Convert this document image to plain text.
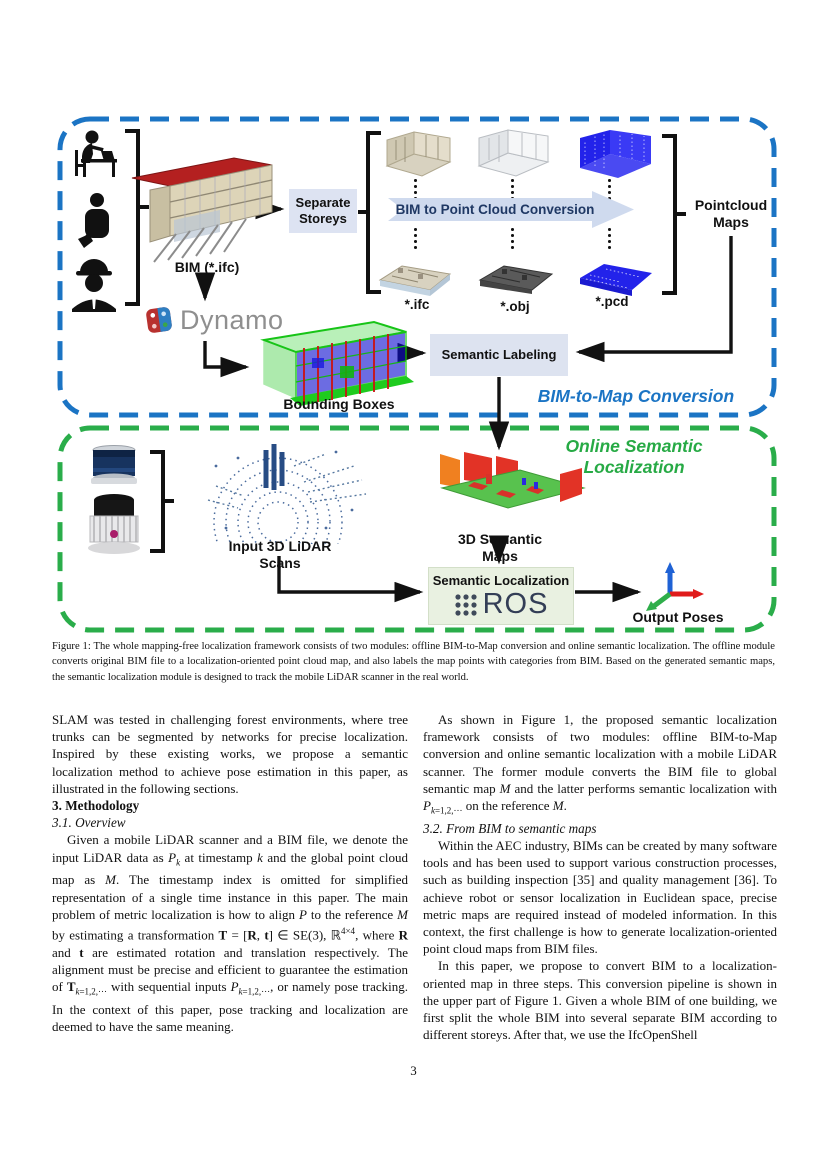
BIM (*.ifc)
Separate Storeys
BIM to Point Cloud Conversion
*.ifc	*.obj	*.pcd
Pointcloud Maps
Dynamo
Bounding Boxes
Semantic Labeling
BIM-to-Map Conversion
Online Semantic Localization
Input 3D LiDAR Scans
3D Semantic Maps
Semantic Localization
ROS	Output Poses
Figure 1: The whole mapping-free localization framework consists of two modules: offline BIM-to-Map conversion and online semantic localization. The offline module converts original BIM file to a localization-oriented point cloud map, and also labels the map points with categories from BIM. Based on the generated semantic maps, the semantic localization module is designed to track the mobile LiDAR scanner in the real world.

SLAM was tested in challenging forest environments, where tree trunks can be segmented by networks for precise localization. Inspired by these existing works, we propose a semantic localization method to achieve pose estimation in this paper, as illustrated in the following sections.

3. Methodology

3.1. Overview

Given a mobile LiDAR scanner and a BIM file, we denote the input LiDAR data as $P_k$ at timestamp k and the global point cloud map as M. The timestamp index is omitted for simplified representation of a single time instance in this paper. The main problem of metric localization is how to align P to the reference M by estimating a transformation T = [R, t] ∈ SE(3), ℝ$^{4\times 4}$, where R and t are estimated rotation and translation respectively. The alignment must be precise and efficient to guarantee the estimation of $T_{k=1,2,\cdot\cdot\cdot}$ with sequential inputs $P_{k=1,2,\cdot\cdot\cdot}$, or namely pose tracking. In the context of this paper, pose tracking and localization are deemed to have the same meaning.

As shown in Figure 1, the proposed semantic localization framework consists of two modules: offline BIM-to-Map conversion and online semantic localization with a mobile LiDAR scanner. The former module converts the BIM file to global semantic map M and the latter performs semantic localization with $P_{k=1,2,\cdot\cdot\cdot}$ on the reference M.

3.2. From BIM to semantic maps

Within the AEC industry, BIMs can be created by many software tools and has been used to support various construction processes, such as building inspection [35] and quality management [36]. To achieve robot or sensor localization in Euclidean space, precise metric maps are required instead of modeled information. In this context, the first challenge is how to generate localization-oriented point cloud maps from BIM files.

In this paper, we propose to convert BIM to a localization-oriented map in three steps. This conversion pipeline is shown in the upper part of Figure 1. Given a whole BIM of one building, we first split the whole BIM into several separate BIM according to different storeys. After that, we use the IfcOpenShell

3
